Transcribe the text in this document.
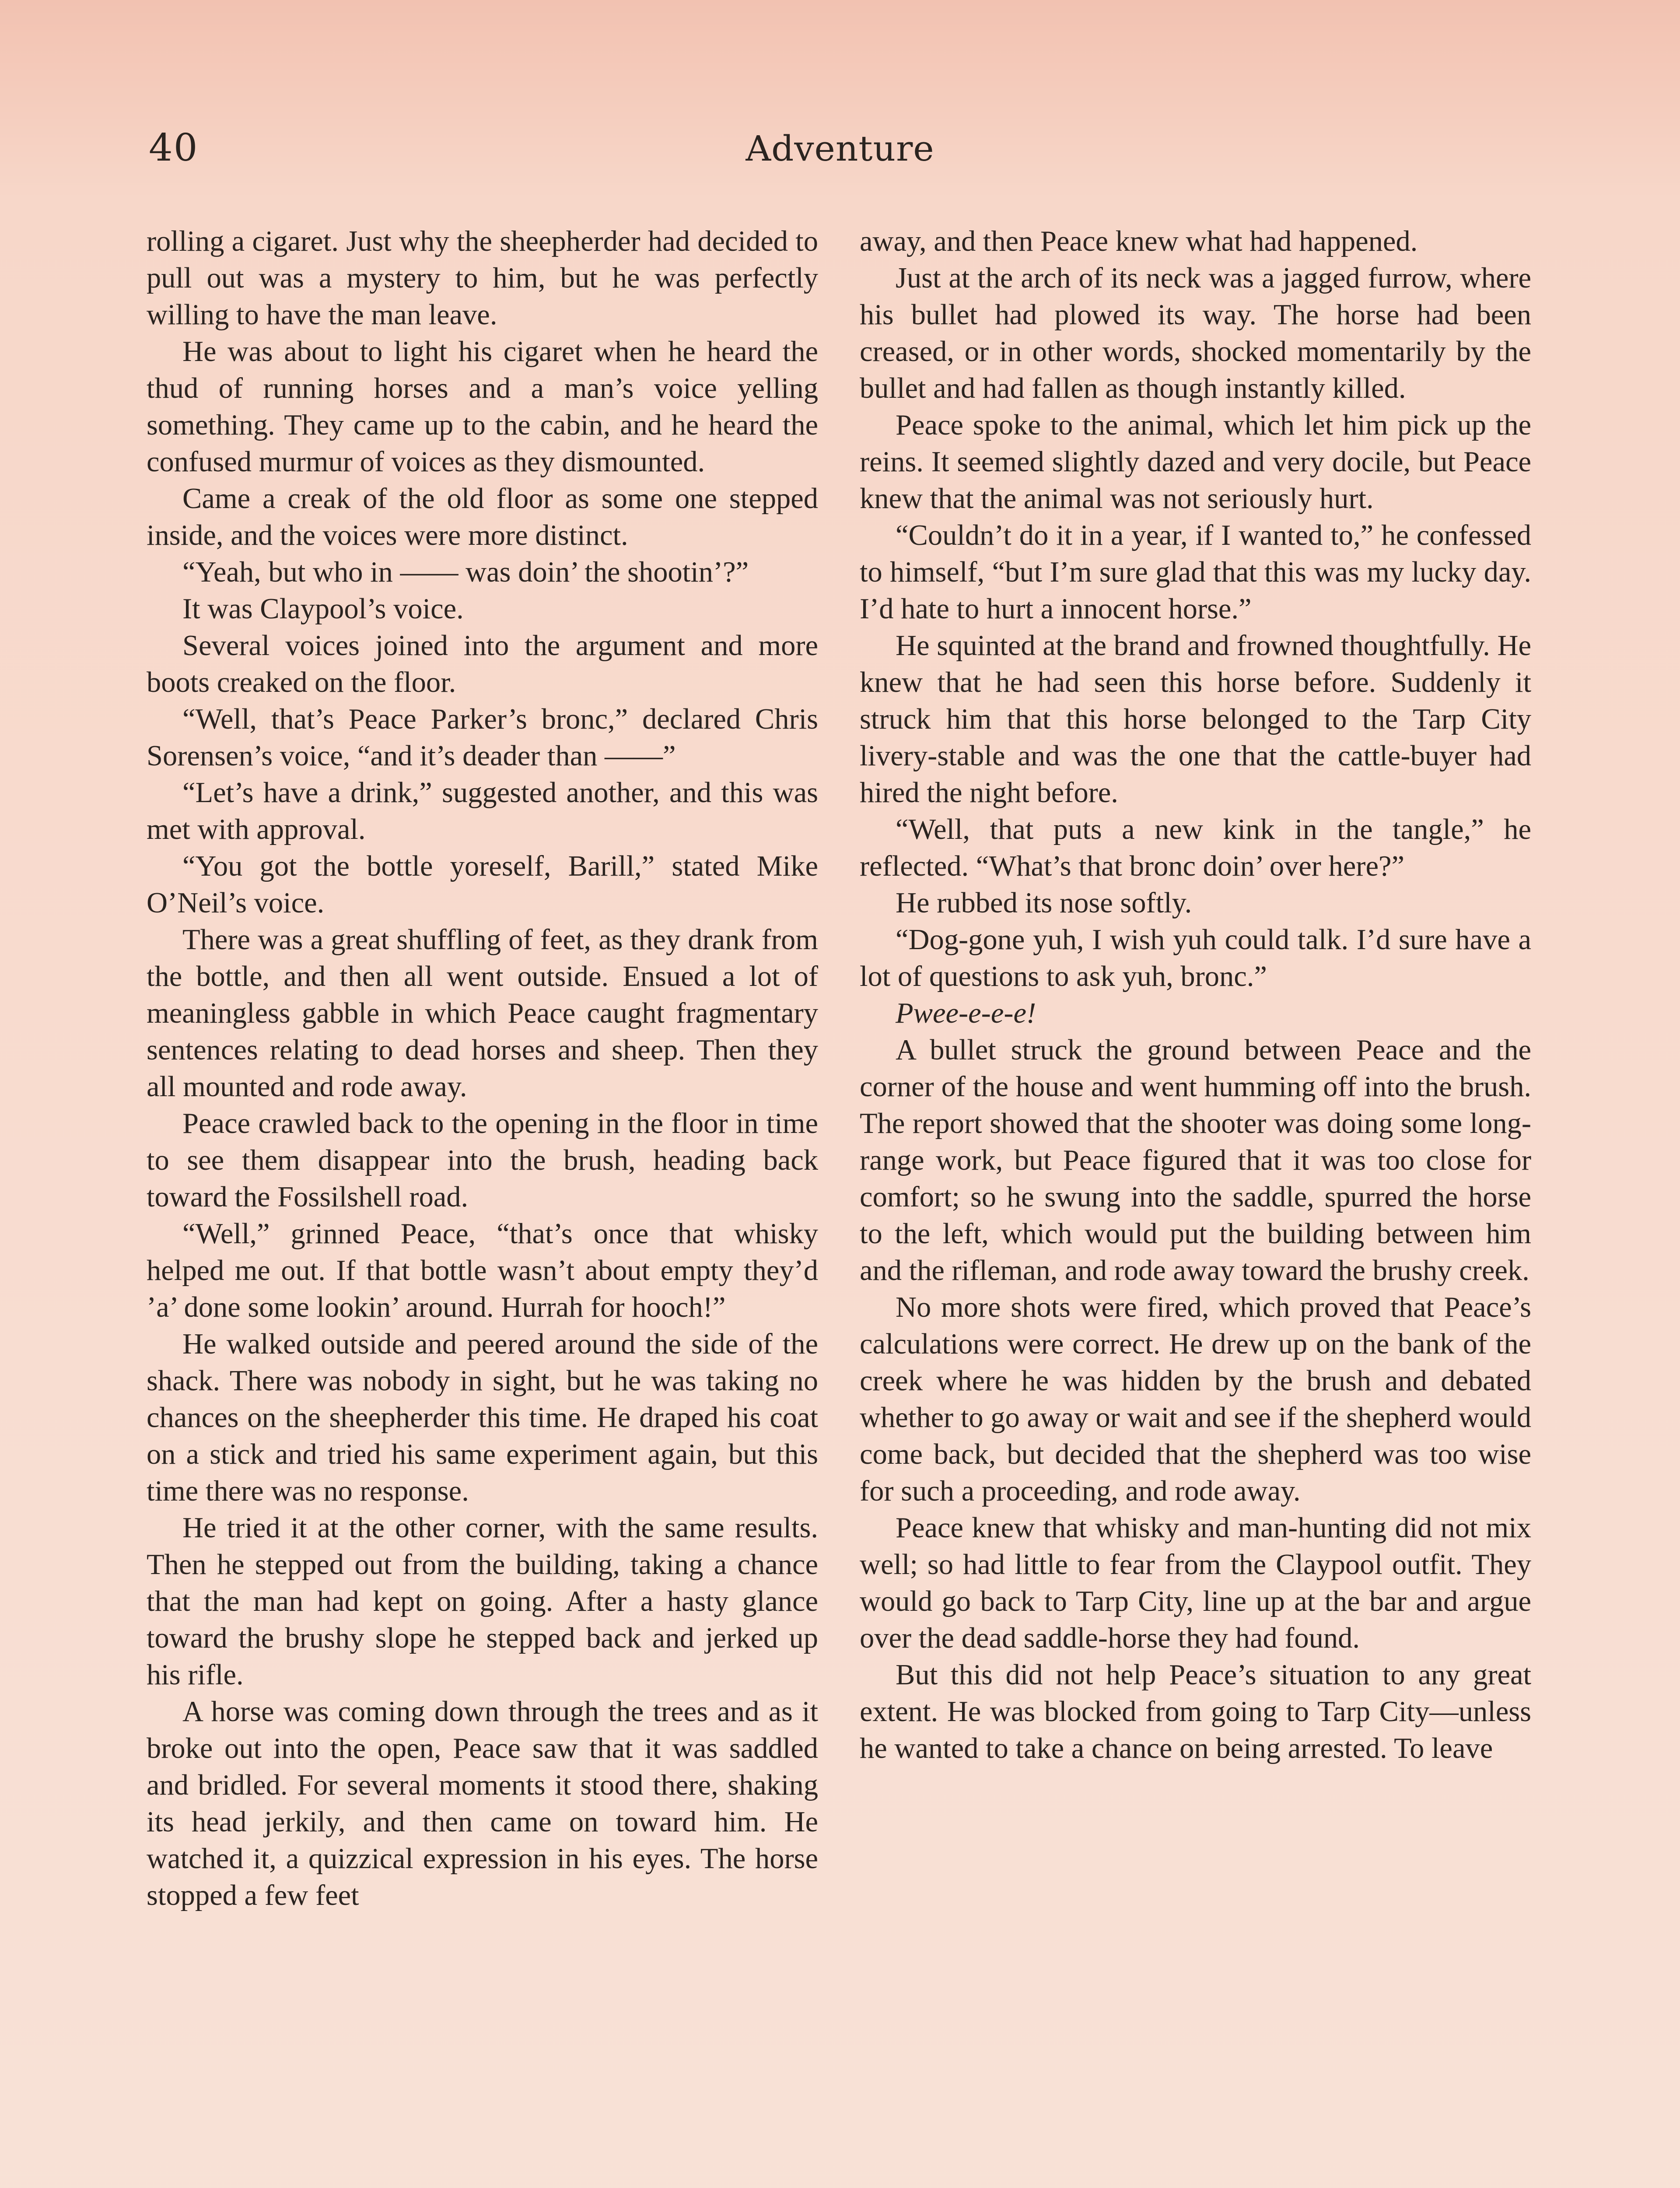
40	Adventure

rolling a cigaret. Just why the sheepherder had decided to pull out was a mystery to him, but he was perfectly willing to have the man leave.

He was about to light his cigaret when he heard the thud of running horses and a man’s voice yelling something. They came up to the cabin, and he heard the confused murmur of voices as they dismounted.

Came a creak of the old floor as some one stepped inside, and the voices were more distinct.

“Yeah, but who in —— was doin’ the shootin’?”

It was Claypool’s voice.

Several voices joined into the argument and more boots creaked on the floor.

“Well, that’s Peace Parker’s bronc,” declared Chris Sorensen’s voice, “and it’s deader than ——”

“Let’s have a drink,” suggested another, and this was met with approval.

“You got the bottle yoreself, Barill,” stated Mike O’Neil’s voice.

There was a great shuffling of feet, as they drank from the bottle, and then all went outside. Ensued a lot of meaningless gabble in which Peace caught fragmentary sentences relating to dead horses and sheep. Then they all mounted and rode away.

Peace crawled back to the opening in the floor in time to see them disappear into the brush, heading back toward the Fossilshell road.

“Well,” grinned Peace, “that’s once that whisky helped me out. If that bottle wasn’t about empty they’d ’a’ done some lookin’ around. Hurrah for hooch!”

He walked outside and peered around the side of the shack. There was nobody in sight, but he was taking no chances on the sheepherder this time. He draped his coat on a stick and tried his same experiment again, but this time there was no response.

He tried it at the other corner, with the same results. Then he stepped out from the building, taking a chance that the man had kept on going. After a hasty glance toward the brushy slope he stepped back and jerked up his rifle.

A horse was coming down through the trees and as it broke out into the open, Peace saw that it was saddled and bridled. For several moments it stood there, shaking its head jerkily, and then came on toward him. He watched it, a quizzical expression in his eyes. The horse stopped a few feet

away, and then Peace knew what had happened.

Just at the arch of its neck was a jagged furrow, where his bullet had plowed its way. The horse had been creased, or in other words, shocked momentarily by the bullet and had fallen as though instantly killed.

Peace spoke to the animal, which let him pick up the reins. It seemed slightly dazed and very docile, but Peace knew that the animal was not seriously hurt.

“Couldn’t do it in a year, if I wanted to,” he confessed to himself, “but I’m sure glad that this was my lucky day. I’d hate to hurt a innocent horse.”

He squinted at the brand and frowned thoughtfully. He knew that he had seen this horse before. Suddenly it struck him that this horse belonged to the Tarp City livery-stable and was the one that the cattle-buyer had hired the night before.

“Well, that puts a new kink in the tangle,” he reflected. “What’s that bronc doin’ over here?”

He rubbed its nose softly.

“Dog-gone yuh, I wish yuh could talk. I’d sure have a lot of questions to ask yuh, bronc.”

Pwee-e-e-e!

A bullet struck the ground between Peace and the corner of the house and went humming off into the brush. The report showed that the shooter was doing some long-range work, but Peace figured that it was too close for comfort; so he swung into the saddle, spurred the horse to the left, which would put the building between him and the rifleman, and rode away toward the brushy creek.

No more shots were fired, which proved that Peace’s calculations were correct. He drew up on the bank of the creek where he was hidden by the brush and debated whether to go away or wait and see if the shepherd would come back, but decided that the shepherd was too wise for such a proceeding, and rode away.

Peace knew that whisky and man-hunting did not mix well; so had little to fear from the Claypool outfit. They would go back to Tarp City, line up at the bar and argue over the dead saddle-horse they had found.

But this did not help Peace’s situation to any great extent. He was blocked from going to Tarp City—unless he wanted to take a chance on being arrested. To leave
